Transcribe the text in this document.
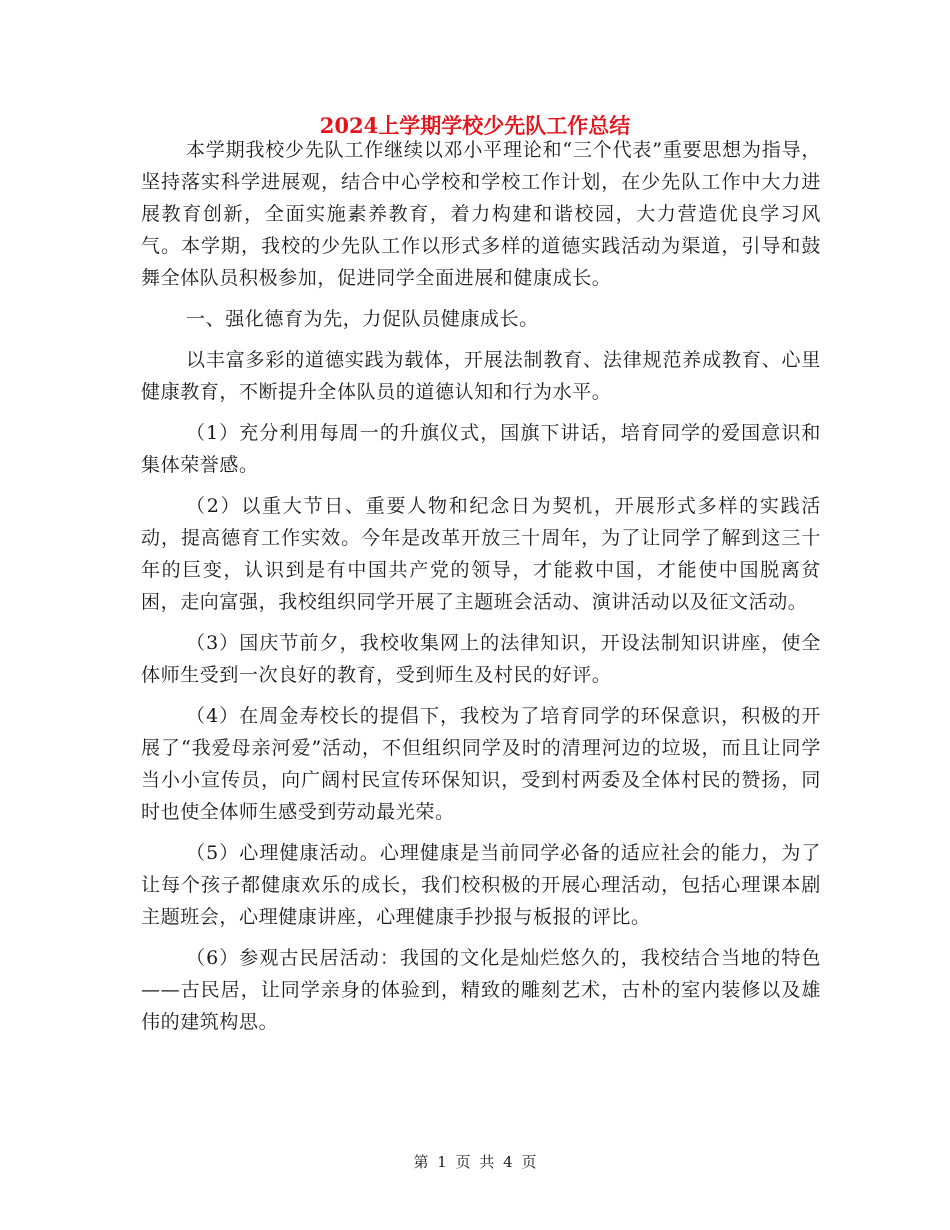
2024上学期学校少先队工作总结

本学期我校少先队工作继续以邓小平理论和“三个代表”重要思想为指导，坚持落实科学进展观，结合中心学校和学校工作计划，在少先队工作中大力进展教育创新，全面实施素养教育，着力构建和谐校园，大力营造优良学习风气。本学期，我校的少先队工作以形式多样的道德实践活动为渠道，引导和鼓舞全体队员积极参加，促进同学全面进展和健康成长。

一、强化德育为先，力促队员健康成长。

以丰富多彩的道德实践为载体，开展法制教育、法律规范养成教育、心里健康教育，不断提升全体队员的道德认知和行为水平。

（1）充分利用每周一的升旗仪式，国旗下讲话，培育同学的爱国意识和集体荣誉感。

（2）以重大节日、重要人物和纪念日为契机，开展形式多样的实践活动，提高德育工作实效。今年是改革开放三十周年，为了让同学了解到这三十年的巨变，认识到是有中国共产党的领导，才能救中国，才能使中国脱离贫困，走向富强，我校组织同学开展了主题班会活动、演讲活动以及征文活动。

（3）国庆节前夕，我校收集网上的法律知识，开设法制知识讲座，使全体师生受到一次良好的教育，受到师生及村民的好评。

（4）在周金寿校长的提倡下，我校为了培育同学的环保意识，积极的开展了“我爱母亲河爱”活动，不但组织同学及时的清理河边的垃圾，而且让同学当小小宣传员，向广阔村民宣传环保知识，受到村两委及全体村民的赞扬，同时也使全体师生感受到劳动最光荣。

（5）心理健康活动。心理健康是当前同学必备的适应社会的能力，为了让每个孩子都健康欢乐的成长，我们校积极的开展心理活动，包括心理课本剧主题班会，心理健康讲座，心理健康手抄报与板报的评比。

（6）参观古民居活动：我国的文化是灿烂悠久的，我校结合当地的特色——古民居，让同学亲身的体验到，精致的雕刻艺术，古朴的室内装修以及雄伟的建筑构思。

第 1 页 共 4 页
